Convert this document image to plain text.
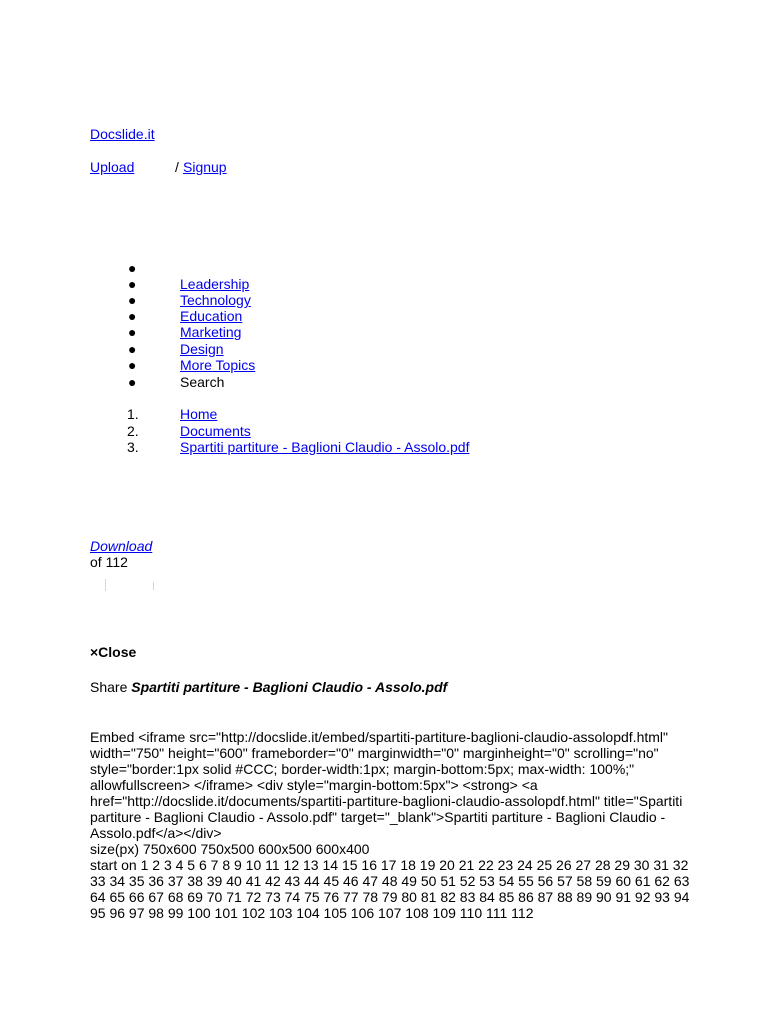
Docslide.it
Upload	/ Signup
●
●	Leadership
●	Technology
●	Education
●	Marketing
●	Design
●	More Topics
●	Search
1.	Home
2.	Documents
3.	Spartiti partiture - Baglioni Claudio - Assolo.pdf
Download
of 112
×Close
Share Spartiti partiture - Baglioni Claudio - Assolo.pdf
Embed <iframe src="http://docslide.it/embed/spartiti-partiture-baglioni-claudio-assolopdf.html" width="750" height="600" frameborder="0" marginwidth="0" marginheight="0" scrolling="no" style="border:1px solid #CCC; border-width:1px; margin-bottom:5px; max-width: 100%;" allowfullscreen> </iframe> <div style="margin-bottom:5px"> <strong> <a href="http://docslide.it/documents/spartiti-partiture-baglioni-claudio-assolopdf.html" title="Spartiti partiture - Baglioni Claudio - Assolo.pdf" target="_blank">Spartiti partiture - Baglioni Claudio - Assolo.pdf</a></div>
size(px) 750x600 750x500 600x500 600x400
start on 1 2 3 4 5 6 7 8 9 10 11 12 13 14 15 16 17 18 19 20 21 22 23 24 25 26 27 28 29 30 31 32 33 34 35 36 37 38 39 40 41 42 43 44 45 46 47 48 49 50 51 52 53 54 55 56 57 58 59 60 61 62 63 64 65 66 67 68 69 70 71 72 73 74 75 76 77 78 79 80 81 82 83 84 85 86 87 88 89 90 91 92 93 94 95 96 97 98 99 100 101 102 103 104 105 106 107 108 109 110 111 112
